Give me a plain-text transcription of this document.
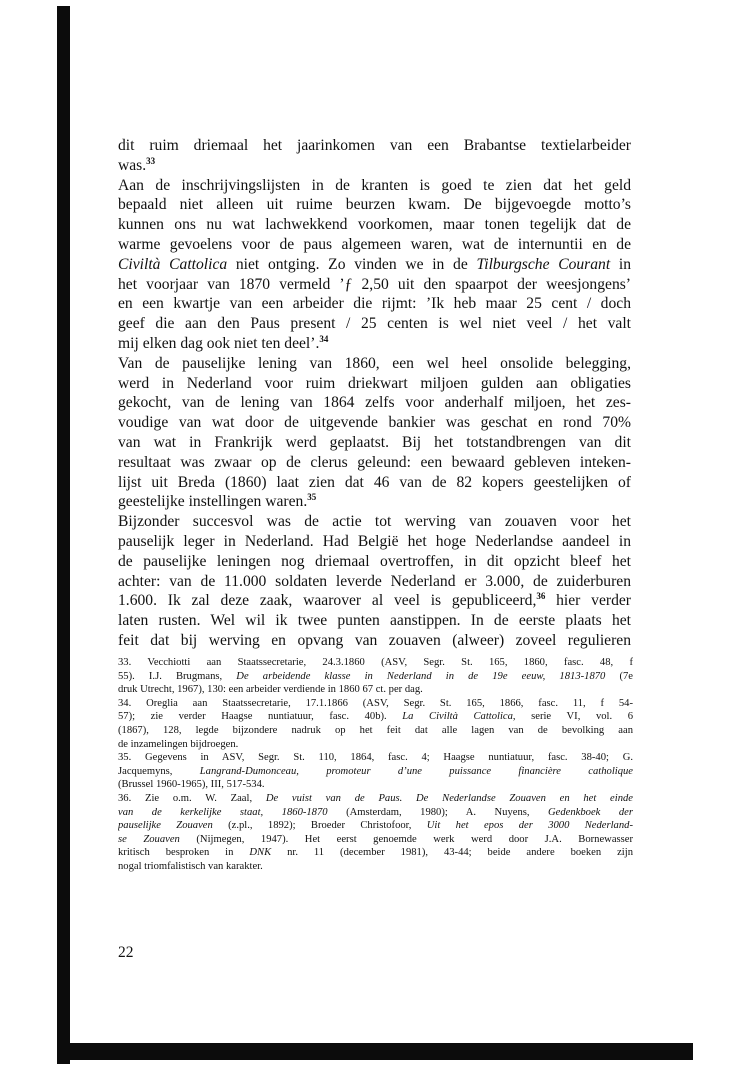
dit ruim driemaal het jaarinkomen van een Brabantse textielarbeider
was.$^{33}$
Aan de inschrijvingslijsten in de kranten is goed te zien dat het geld
bepaald niet alleen uit ruime beurzen kwam. De bijgevoegde motto’s
kunnen ons nu wat lachwekkend voorkomen, maar tonen tegelijk dat de
warme gevoelens voor de paus algemeen waren, wat de internuntii en de
Civiltà Cattolica niet ontging. Zo vinden we in de Tilburgsche Courant in
het voorjaar van 1870 vermeld ’ƒ 2,50 uit den spaarpot der weesjongens’
en een kwartje van een arbeider die rijmt: ’Ik heb maar 25 cent / doch
geef die aan den Paus present / 25 centen is wel niet veel / het valt
mij elken dag ook niet ten deel’.$^{34}$
Van de pauselijke lening van 1860, een wel heel onsolide belegging,
werd in Nederland voor ruim driekwart miljoen gulden aan obligaties
gekocht, van de lening van 1864 zelfs voor anderhalf miljoen, het zes-
voudige van wat door de uitgevende bankier was geschat en rond 70%
van wat in Frankrijk werd geplaatst. Bij het totstandbrengen van dit
resultaat was zwaar op de clerus geleund: een bewaard gebleven inteken-
lijst uit Breda (1860) laat zien dat 46 van de 82 kopers geestelijken of
geestelijke instellingen waren.$^{35}$
Bijzonder succesvol was de actie tot werving van zouaven voor het
pauselijk leger in Nederland. Had België het hoge Nederlandse aandeel in
de pauselijke leningen nog driemaal overtroffen, in dit opzicht bleef het
achter: van de 11.000 soldaten leverde Nederland er 3.000, de zuiderburen
1.600. Ik zal deze zaak, waarover al veel is gepubliceerd,$^{36}$ hier verder
laten rusten. Wel wil ik twee punten aanstippen. In de eerste plaats het
feit dat bij werving en opvang van zouaven (alweer) zoveel regulieren
33. Vecchiotti aan Staatssecretarie, 24.3.1860 (ASV, Segr. St. 165, 1860, fasc. 48, f
55). I.J. Brugmans, De arbeidende klasse in Nederland in de 19e eeuw, 1813-1870 (7e
druk Utrecht, 1967), 130: een arbeider verdiende in 1860 67 ct. per dag.
34. Oreglia aan Staatssecretarie, 17.1.1866 (ASV, Segr. St. 165, 1866, fasc. 11, f 54-
57); zie verder Haagse nuntiatuur, fasc. 40b). La Civiltà Cattolica, serie VI, vol. 6
(1867), 128, legde bijzondere nadruk op het feit dat alle lagen van de bevolking aan
de inzamelingen bijdroegen.
35. Gegevens in ASV, Segr. St. 110, 1864, fasc. 4; Haagse nuntiatuur, fasc. 38-40; G.
Jacquemyns, Langrand-Dumonceau, promoteur d’une puissance financière catholique
(Brussel 1960-1965), III, 517-534.
36. Zie o.m. W. Zaal, De vuist van de Paus. De Nederlandse Zouaven en het einde
van de kerkelijke staat, 1860-1870 (Amsterdam, 1980); A. Nuyens, Gedenkboek der
pauselijke Zouaven (z.pl., 1892); Broeder Christofoor, Uit het epos der 3000 Nederland-
se Zouaven (Nijmegen, 1947). Het eerst genoemde werk werd door J.A. Bornewasser
kritisch besproken in DNK nr. 11 (december 1981), 43-44; beide andere boeken zijn
nogal triomfalistisch van karakter.
22
